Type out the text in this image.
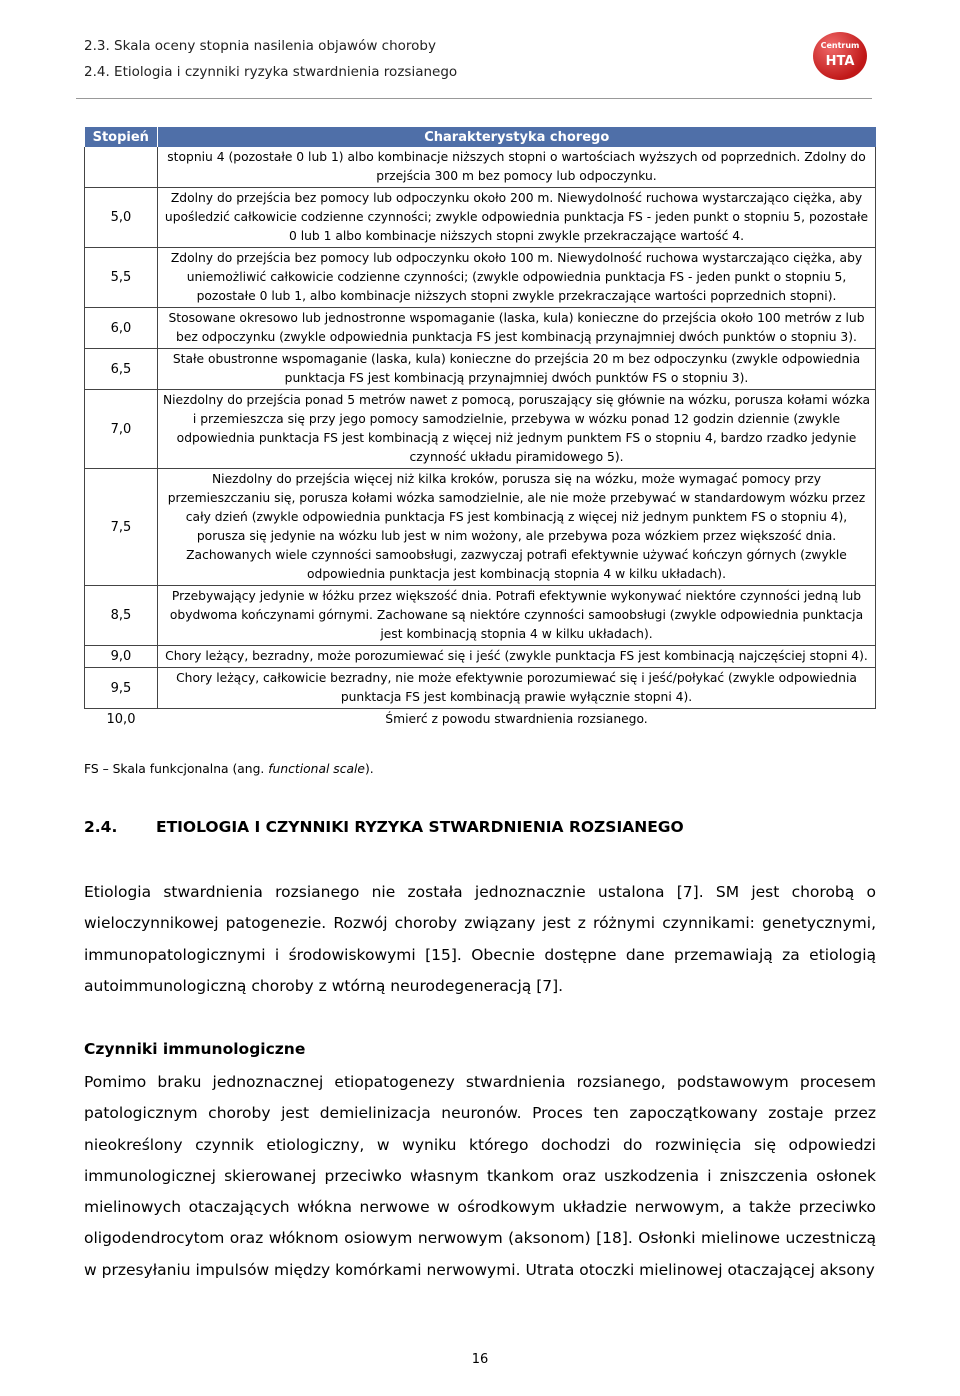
2.3. Skala oceny stopnia nasilenia objawów choroby
2.4. Etiologia i czynniki ryzyka stwardnienia rozsianego
Centrum
HTA
Stopień	Charakterystyka chorego
	stopniu 4 (pozostałe 0 lub 1) albo kombinacje niższych stopni o wartościach wyższych od poprzednich. Zdolny do przejścia 300 m bez pomocy lub odpoczynku.
5,0	Zdolny do przejścia bez pomocy lub odpoczynku około 200 m. Niewydolność ruchowa wystarczająco ciężka, aby upośledzić całkowicie codzienne czynności; zwykle odpowiednia punktacja FS - jeden punkt o stopniu 5, pozostałe 0 lub 1 albo kombinacje niższych stopni zwykle przekraczające wartość 4.
5,5	Zdolny do przejścia bez pomocy lub odpoczynku około 100 m. Niewydolność ruchowa wystarczająco ciężka, aby uniemożliwić całkowicie codzienne czynności; (zwykle odpowiednia punktacja FS - jeden punkt o stopniu 5, pozostałe 0 lub 1, albo kombinacje niższych stopni zwykle przekraczające wartości poprzednich stopni).
6,0	Stosowane okresowo lub jednostronne wspomaganie (laska, kula) konieczne do przejścia około 100 metrów z lub bez odpoczynku (zwykle odpowiednia punktacja FS jest kombinacją przynajmniej dwóch punktów o stopniu 3).
6,5	Stałe obustronne wspomaganie (laska, kula) konieczne do przejścia 20 m bez odpoczynku (zwykle odpowiednia punktacja FS jest kombinacją przynajmniej dwóch punktów FS o stopniu 3).
7,0	Niezdolny do przejścia ponad 5 metrów nawet z pomocą, poruszający się głównie na wózku, porusza kołami wózka i przemieszcza się przy jego pomocy samodzielnie, przebywa w wózku ponad 12 godzin dziennie (zwykle odpowiednia punktacja FS jest kombinacją z więcej niż jednym punktem FS o stopniu 4, bardzo rzadko jedynie czynność układu piramidowego 5).
7,5	Niezdolny do przejścia więcej niż kilka kroków, porusza się na wózku, może wymagać pomocy przy przemieszczaniu się, porusza kołami wózka samodzielnie, ale nie może przebywać w standardowym wózku przez cały dzień (zwykle odpowiednia punktacja FS jest kombinacją z więcej niż jednym punktem FS o stopniu 4), porusza się jedynie na wózku lub jest w nim wożony, ale przebywa poza wózkiem przez większość dnia. Zachowanych wiele czynności samoobsługi, zazwyczaj potrafi efektywnie używać kończyn górnych (zwykle odpowiednia punktacja jest kombinacją stopnia 4 w kilku układach).
8,5	Przebywający jedynie w łóżku przez większość dnia. Potrafi efektywnie wykonywać niektóre czynności jedną lub obydwoma kończynami górnymi. Zachowane są niektóre czynności samoobsługi (zwykle odpowiednia punktacja jest kombinacją stopnia 4 w kilku układach).
9,0	Chory leżący, bezradny, może porozumiewać się i jeść (zwykle punktacja FS jest kombinacją najczęściej stopni 4).
9,5	Chory leżący, całkowicie bezradny, nie może efektywnie porozumiewać się i jeść/połykać (zwykle odpowiednia punktacja FS jest kombinacją prawie wyłącznie stopni 4).
10,0	Śmierć z powodu stwardnienia rozsianego.
FS – Skala funkcjonalna (ang. functional scale).
2.4. ETIOLOGIA I CZYNNIKI RYZYKA STWARDNIENIA ROZSIANEGO

Etiologia stwardnienia rozsianego nie została jednoznacznie ustalona [7]. SM jest chorobą o wieloczynnikowej patogenezie. Rozwój choroby związany jest z różnymi czynnikami: genetycznymi, immunopatologicznymi i środowiskowymi [15]. Obecnie dostępne dane przemawiają za etiologią autoimmunologiczną choroby z wtórną neurodegeneracją [7].

Czynniki immunologiczne

Pomimo braku jednoznacznej etiopatogenezy stwardnienia rozsianego, podstawowym procesem patologicznym choroby jest demielinizacja neuronów. Proces ten zapoczątkowany zostaje przez nieokreślony czynnik etiologiczny, w wyniku którego dochodzi do rozwinięcia się odpowiedzi immunologicznej skierowanej przeciwko własnym tkankom oraz uszkodzenia i zniszczenia osłonek mielinowych otaczających włókna nerwowe w ośrodkowym układzie nerwowym, a także przeciwko oligodendrocytom oraz włóknom osiowym nerwowym (aksonom) [18]. Osłonki mielinowe uczestniczą w przesyłaniu impulsów między komórkami nerwowymi. Utrata otoczki mielinowej otaczającej aksony

16
